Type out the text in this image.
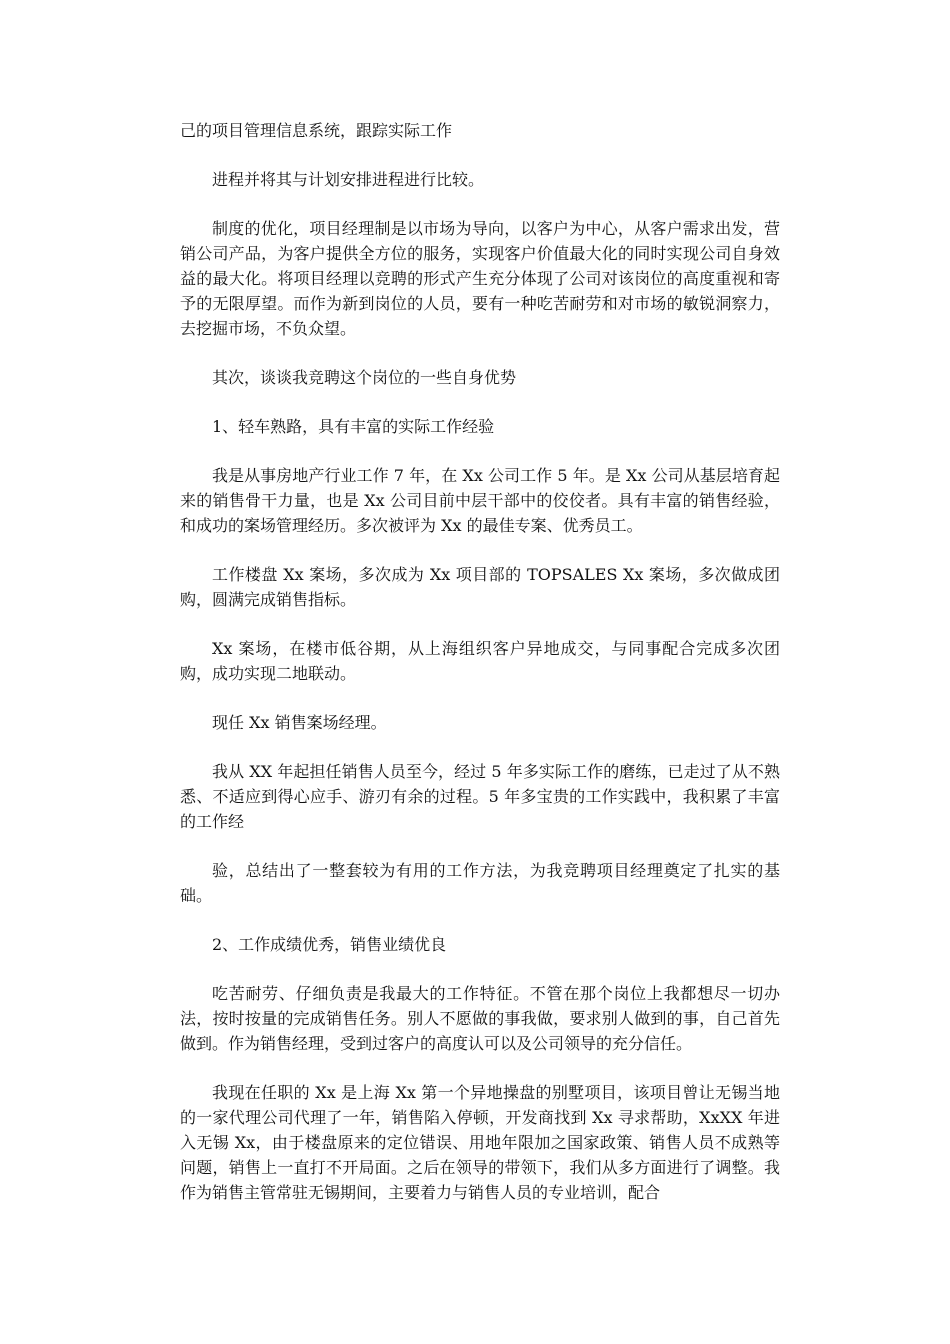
己的项目管理信息系统，跟踪实际工作

进程并将其与计划安排进程进行比较。

制度的优化，项目经理制是以市场为导向，以客户为中心，从客户需求出发，营销公司产品，为客户提供全方位的服务，实现客户价值最大化的同时实现公司自身效益的最大化。将项目经理以竞聘的形式产生充分体现了公司对该岗位的高度重视和寄予的无限厚望。而作为新到岗位的人员，要有一种吃苦耐劳和对市场的敏锐洞察力，去挖掘市场，不负众望。

其次，谈谈我竞聘这个岗位的一些自身优势

1、轻车熟路，具有丰富的实际工作经验

我是从事房地产行业工作 7 年，在 Xx 公司工作 5 年。是 Xx 公司从基层培育起来的销售骨干力量，也是 Xx 公司目前中层干部中的佼佼者。具有丰富的销售经验，和成功的案场管理经历。多次被评为 Xx 的最佳专案、优秀员工。

工作楼盘 Xx 案场，多次成为 Xx 项目部的 TOPSALES Xx 案场，多次做成团购，圆满完成销售指标。

Xx 案场，在楼市低谷期，从上海组织客户异地成交，与同事配合完成多次团购，成功实现二地联动。

现任 Xx 销售案场经理。

我从 XX 年起担任销售人员至今，经过 5 年多实际工作的磨练，已走过了从不熟悉、不适应到得心应手、游刃有余的过程。5 年多宝贵的工作实践中，我积累了丰富的工作经

验，总结出了一整套较为有用的工作方法，为我竞聘项目经理奠定了扎实的基础。

2、工作成绩优秀，销售业绩优良

吃苦耐劳、仔细负责是我最大的工作特征。不管在那个岗位上我都想尽一切办法，按时按量的完成销售任务。别人不愿做的事我做，要求别人做到的事，自己首先做到。作为销售经理，受到过客户的高度认可以及公司领导的充分信任。

我现在任职的 Xx 是上海 Xx 第一个异地操盘的别墅项目，该项目曾让无锡当地的一家代理公司代理了一年，销售陷入停顿，开发商找到 Xx 寻求帮助，XxXX 年进入无锡 Xx，由于楼盘原来的定位错误、用地年限加之国家政策、销售人员不成熟等问题，销售上一直打不开局面。之后在领导的带领下，我们从多方面进行了调整。我作为销售主管常驻无锡期间，主要着力与销售人员的专业培训，配合
